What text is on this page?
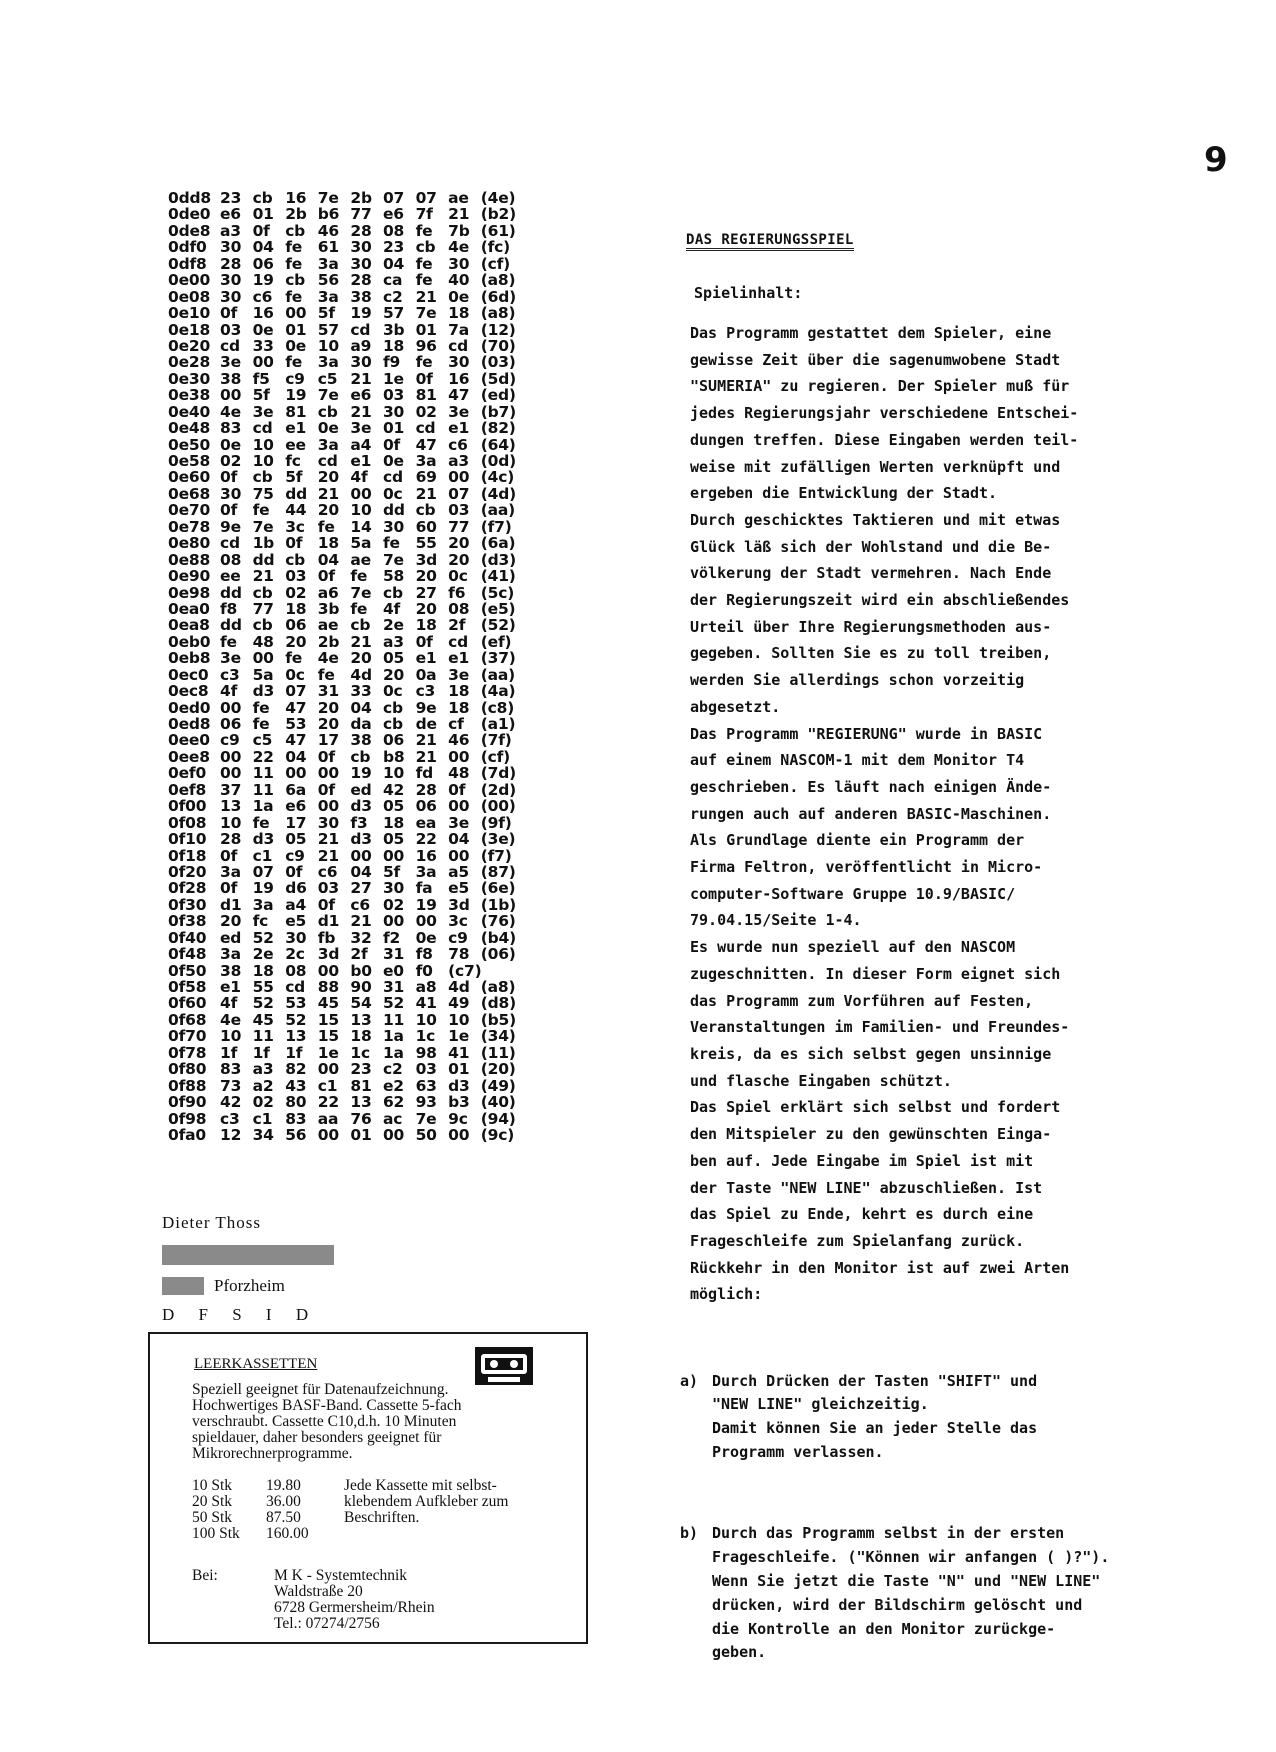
9
0dd8 23 cb 16 7e 2b 07 07 ae (4e)
0de0 e6 01 2b b6 77 e6 7f 21 (b2)
0de8 a3 0f cb 46 28 08 fe	7b (61)
0df0 30 04 fe	61 30 23 cb 4e (fc)
0df8 28 06 fe	3a 30 04 fe	30 (cf)
0e00 30 19 cb 56 28 ca fe	40 (a8)
0e08 30 c6 fe	3a 38 c2 21 0e (6d)
0e10 0f 16 00 5f 19 57 7e 18 (a8)
0e18 03 0e 01 57 cd 3b 01 7a (12)
0e20 cd 33 0e 10 a9 18 96 cd (70)
0e28 3e 00 fe	3a 30 f9 fe	30 (03)
0e30 38 f5 c9 c5 21 1e 0f 16 (5d)
0e38 00 5f 19 7e e6 03 81 47 (ed)
0e40 4e 3e 81 cb 21 30 02 3e (b7)
0e48 83 cd e1 0e 3e 01 cd e1 (82)
0e50 0e 10 ee 3a a4 0f 47 c6 (64)
0e58 02 10 fc	cd e1 0e 3a a3 (0d)
0e60 0f cb 5f 20 4f cd 69 00 (4c)
0e68 30 75 dd 21 00 0c 21 07 (4d)
0e70 0f fe	44 20 10 dd cb 03 (aa)
0e78 9e 7e 3c fe	14 30 60 77 (f7)
0e80 cd 1b 0f 18 5a fe	55 20 (6a)
0e88 08 dd cb 04 ae 7e 3d 20 (d3)
0e90 ee 21 03 0f fe	58 20 0c (41)
0e98 dd cb 02 a6 7e cb 27 f6 (5c)
0ea0 f8 77 18 3b fe	4f 20 08 (e5)
0ea8 dd cb 06 ae cb 2e 18 2f (52)
0eb0 fe	48 20 2b 21 a3 0f cd (ef)
0eb8 3e 00 fe	4e 20 05 e1 e1 (37)
0ec0 c3 5a 0c fe	4d 20 0a 3e (aa)
0ec8 4f d3 07 31 33 0c c3 18 (4a)
0ed0 00 fe	47 20 04 cb 9e 18 (c8)
0ed8 06 fe	53 20 da cb de cf	(a1)
0ee0 c9 c5 47 17 38 06 21 46 (7f)
0ee8 00 22 04 0f cb b8 21 00 (cf)
0ef0 00 11 00 00 19 10 fd 48 (7d)
0ef8 37 11 6a 0f ed 42 28 0f (2d)
0f00 13 1a e6 00 d3 05 06 00 (00)
0f08 10 fe	17 30 f3 18 ea 3e (9f)
0f10 28 d3 05 21 d3 05 22 04 (3e)
0f18 0f c1 c9 21 00 00 16 00 (f7)
0f20 3a 07 0f c6 04 5f 3a a5 (87)
0f28 0f 19 d6 03 27 30 fa	e5 (6e)
0f30 d1 3a a4 0f c6 02 19 3d (1b)
0f38 20 fc	e5 d1 21 00 00 3c (76)
0f40 ed 52 30 fb 32 f2 0e c9 (b4)
0f48 3a 2e 2c 3d 2f 31 f8 78 (06)
0f50 38 18 08 00 b0 e0 f0 (c7)
0f58 e1 55 cd 88 90 31 a8 4d (a8)
0f60 4f 52 53 45 54 52 41 49 (d8)
0f68 4e 45 52 15 13 11 10 10 (b5)
0f70 10 11 13 15 18 1a 1c 1e (34)
0f78 1f 1f 1f 1e 1c 1a 98 41 (11)
0f80 83 a3 82 00 23 c2 03 01 (20)
0f88 73 a2 43 c1 81 e2 63 d3 (49)
0f90 42 02 80 22 13 62 93 b3 (40)
0f98 c3 c1 83 aa 76 ac 7e 9c (94)
0fa0 12 34 56 00 01 00 50 00 (9c)
Dieter Thoss
Pforzheim
D F S I D
LEERKASSETTEN
Speziell geeignet für Datenaufzeichnung.
Hochwertiges BASF-Band. Cassette 5-fach
verschraubt. Cassette C10,d.h. 10 Minuten
spieldauer, daher besonders geeignet für
Mikrorechnerprogramme.
10 Stk	19.80
20 Stk	36.00
50 Stk	87.50
100 Stk	160.00
Jede Kassette mit selbst-
klebendem Aufkleber zum
Beschriften.
Bei:	M K - Systemtechnik
Waldstraße 20
6728 Germersheim/Rhein
Tel.: 07274/2756
DAS REGIERUNGSSPIEL
Spielinhalt:
Das Programm gestattet dem Spieler, eine
gewisse Zeit über die sagenumwobene Stadt
"SUMERIA" zu regieren. Der Spieler muß für
jedes Regierungsjahr verschiedene Entschei-
dungen treffen. Diese Eingaben werden teil-
weise mit zufälligen Werten verknüpft und
ergeben die Entwicklung der Stadt.
Durch geschicktes Taktieren und mit etwas
Glück läß sich der Wohlstand und die Be-
völkerung der Stadt vermehren. Nach Ende
der Regierungszeit wird ein abschließendes
Urteil über Ihre Regierungsmethoden aus-
gegeben. Sollten Sie es zu toll treiben,
werden Sie allerdings schon vorzeitig
abgesetzt.
Das Programm "REGIERUNG" wurde in BASIC
auf einem NASCOM-1 mit dem Monitor T4
geschrieben. Es läuft nach einigen Ände-
rungen auch auf anderen BASIC-Maschinen.
Als Grundlage diente ein Programm der
Firma Feltron, veröffentlicht in Micro-
computer-Software Gruppe 10.9/BASIC/
79.04.15/Seite 1-4.
Es wurde nun speziell auf den NASCOM
zugeschnitten. In dieser Form eignet sich
das Programm zum Vorführen auf Festen,
Veranstaltungen im Familien- und Freundes-
kreis, da es sich selbst gegen unsinnige
und flasche Eingaben schützt.
Das Spiel erklärt sich selbst und fordert
den Mitspieler zu den gewünschten Einga-
ben auf. Jede Eingabe im Spiel ist mit
der Taste "NEW LINE" abzuschließen. Ist
das Spiel zu Ende, kehrt es durch eine
Frageschleife zum Spielanfang zurück.
Rückkehr in den Monitor ist auf zwei Arten
möglich:

a) Durch Drücken der Tasten "SHIFT" und
"NEW LINE" gleichzeitig.
Damit können Sie an jeder Stelle das
Programm verlassen.

b) Durch das Programm selbst in der ersten
Frageschleife. ("Können wir anfangen ( )?").
Wenn Sie jetzt die Taste "N" und "NEW LINE"
drücken, wird der Bildschirm gelöscht und
die Kontrolle an den Monitor zurückge-
geben.
